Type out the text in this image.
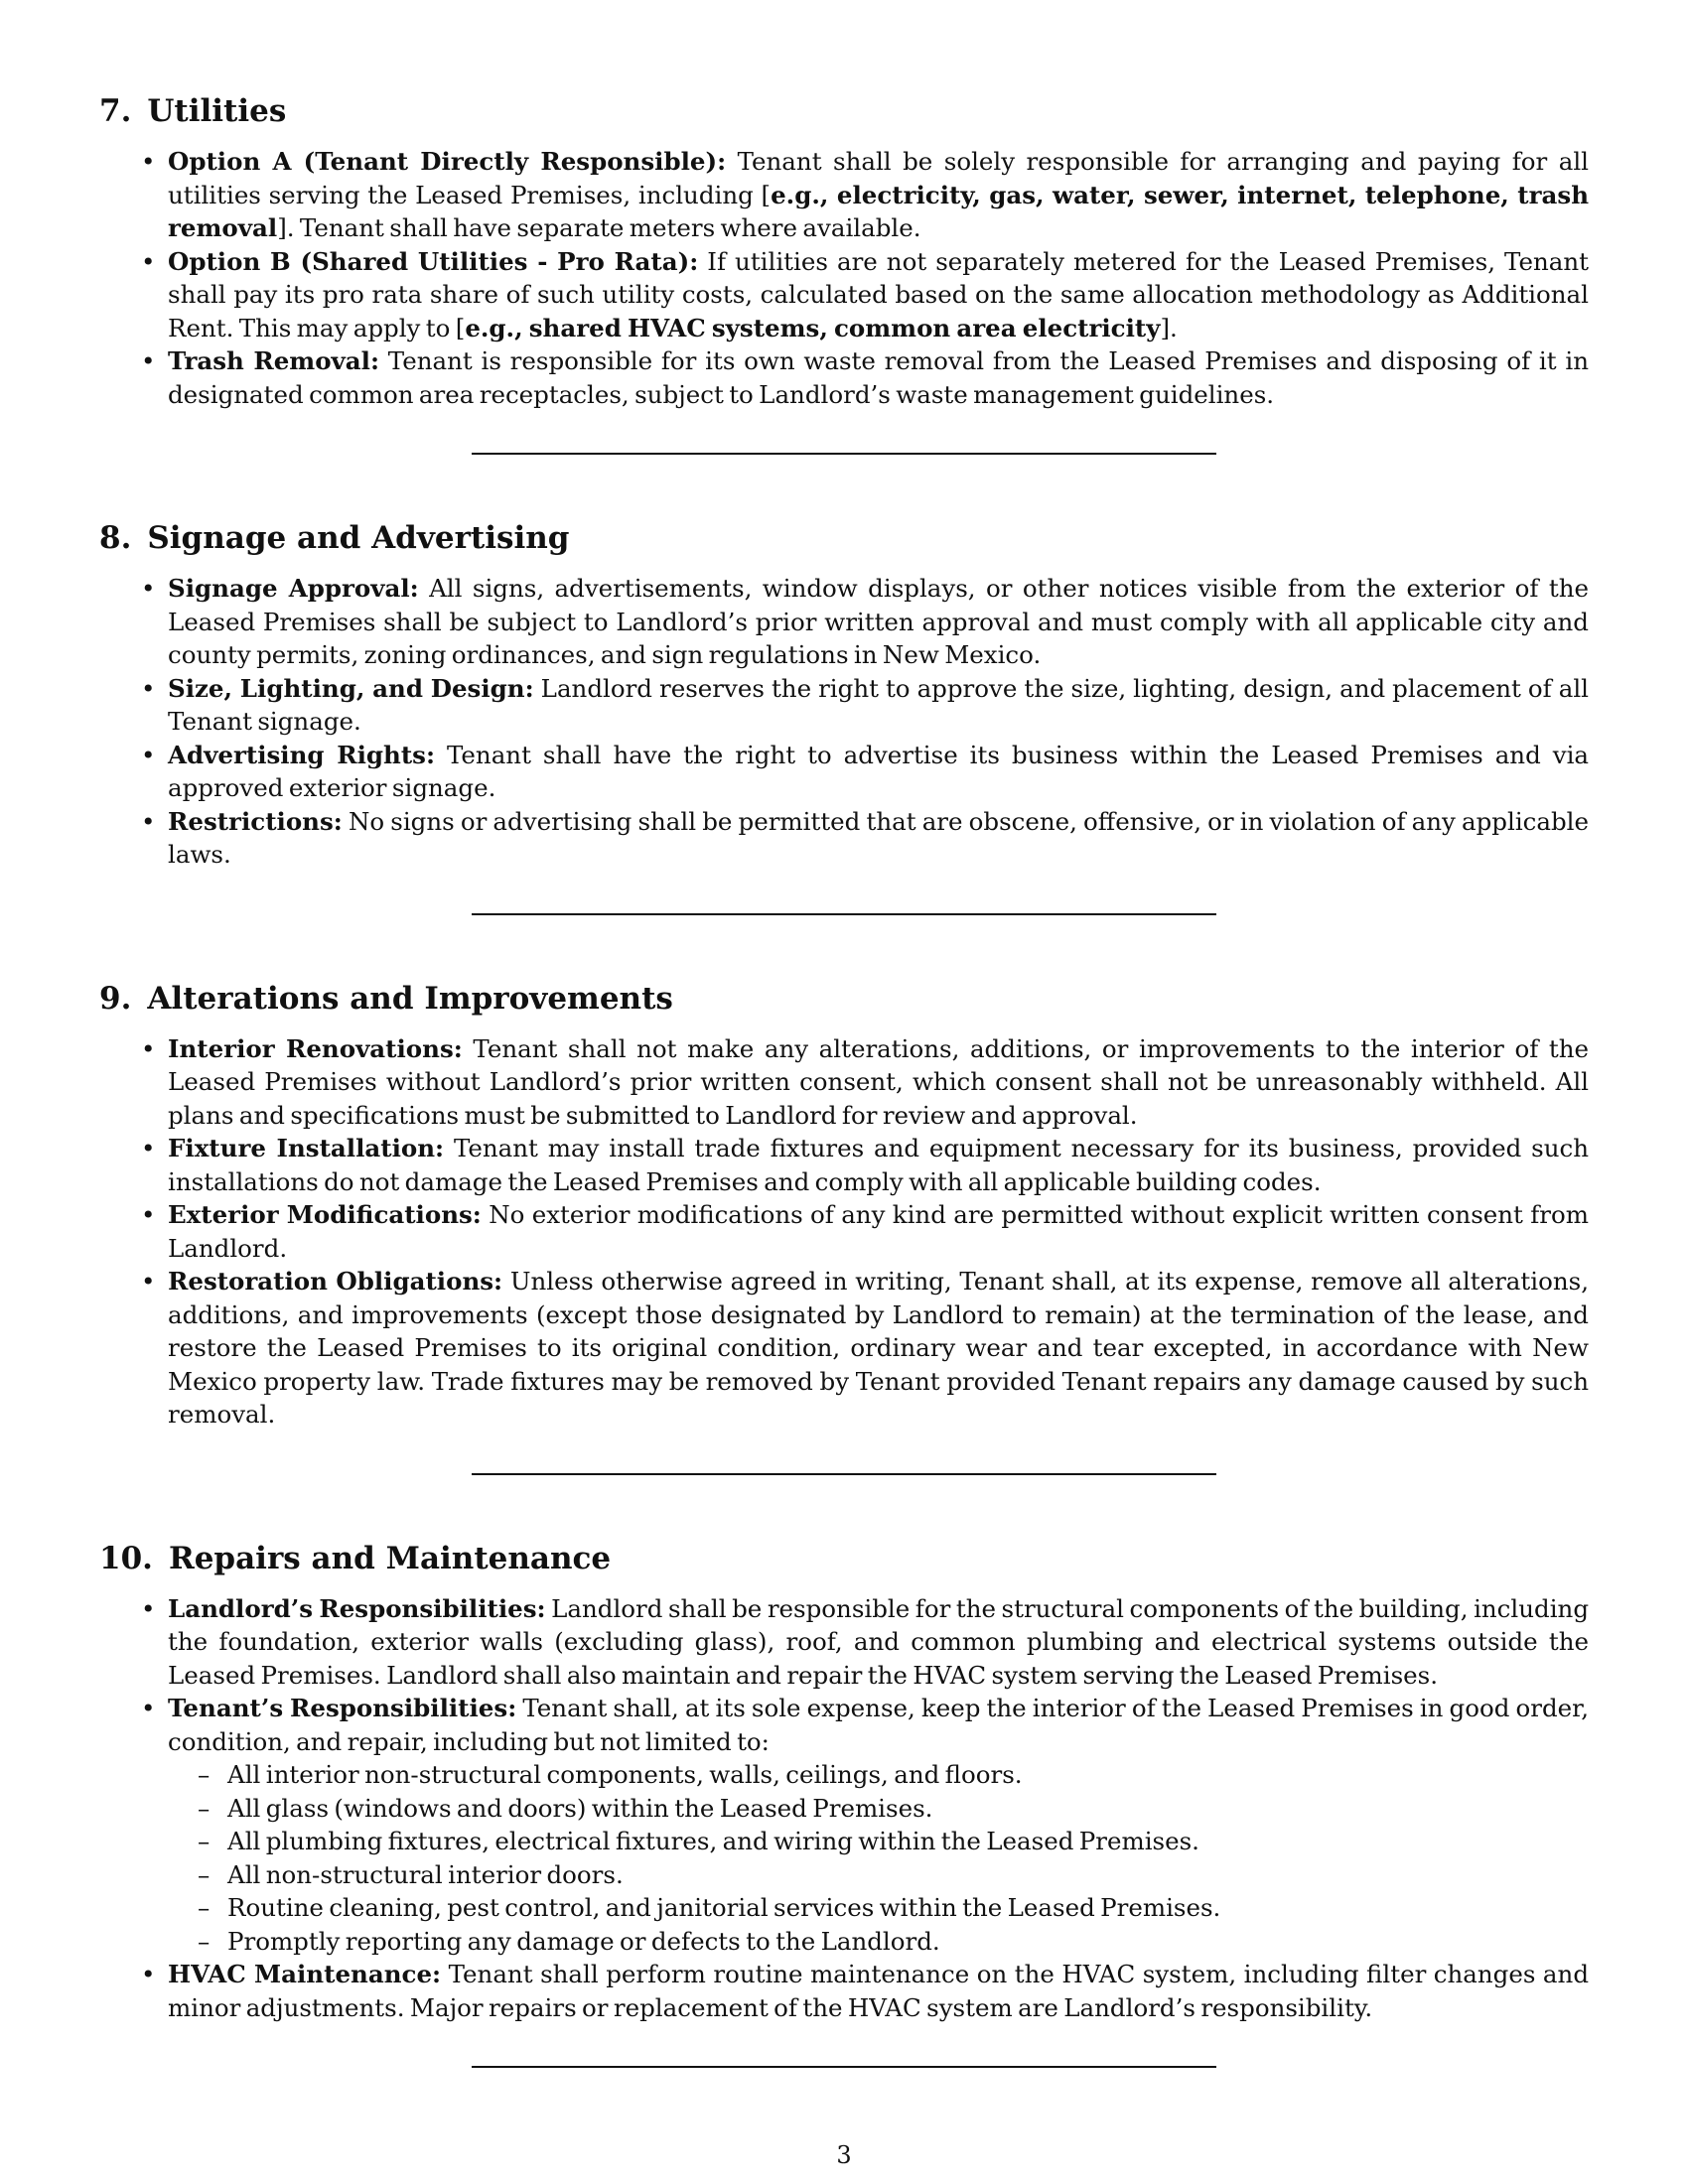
7. Utilities
• Option A (Tenant Directly Responsible): Tenant shall be solely responsible for arranging and paying for all utilities serving the Leased Premises, including [e.g., electricity, gas, water, sewer, internet, telephone, trash removal]. Tenant shall have separate meters where available.
• Option B (Shared Utilities - Pro Rata): If utilities are not separately metered for the Leased Premises, Tenant shall pay its pro rata share of such utility costs, calculated based on the same allocation methodology as Additional Rent. This may apply to [e.g., shared HVAC systems, common area electricity].
• Trash Removal: Tenant is responsible for its own waste removal from the Leased Premises and disposing of it in designated common area receptacles, subject to Landlord’s waste management guidelines.
8. Signage and Advertising
• Signage Approval: All signs, advertisements, window displays, or other notices visible from the exterior of the Leased Premises shall be subject to Landlord’s prior written approval and must comply with all applicable city and county permits, zoning ordinances, and sign regulations in New Mexico.
• Size, Lighting, and Design: Landlord reserves the right to approve the size, lighting, design, and placement of all Tenant signage.
• Advertising Rights: Tenant shall have the right to advertise its business within the Leased Premises and via approved exterior signage.
• Restrictions: No signs or advertising shall be permitted that are obscene, offensive, or in violation of any applicable laws.
9. Alterations and Improvements
• Interior Renovations: Tenant shall not make any alterations, additions, or improvements to the interior of the Leased Premises without Landlord’s prior written consent, which consent shall not be unreasonably withheld. All plans and specifications must be submitted to Landlord for review and approval.
• Fixture Installation: Tenant may install trade fixtures and equipment necessary for its business, provided such installations do not damage the Leased Premises and comply with all applicable building codes.
• Exterior Modifications: No exterior modifications of any kind are permitted without explicit written consent from Landlord.
• Restoration Obligations: Unless otherwise agreed in writing, Tenant shall, at its expense, remove all alterations, additions, and improvements (except those designated by Landlord to remain) at the termination of the lease, and restore the Leased Premises to its original condition, ordinary wear and tear excepted, in accordance with New Mexico property law. Trade fixtures may be removed by Tenant provided Tenant repairs any damage caused by such removal.
10. Repairs and Maintenance
• Landlord’s Responsibilities: Landlord shall be responsible for the structural components of the building, including the foundation, exterior walls (excluding glass), roof, and common plumbing and electrical systems outside the Leased Premises. Landlord shall also maintain and repair the HVAC system serving the Leased Premises.
• Tenant’s Responsibilities: Tenant shall, at its sole expense, keep the interior of the Leased Premises in good order, condition, and repair, including but not limited to:
– All interior non-structural components, walls, ceilings, and floors.
– All glass (windows and doors) within the Leased Premises.
– All plumbing fixtures, electrical fixtures, and wiring within the Leased Premises.
– All non-structural interior doors.
– Routine cleaning, pest control, and janitorial services within the Leased Premises.
– Promptly reporting any damage or defects to the Landlord.
• HVAC Maintenance: Tenant shall perform routine maintenance on the HVAC system, including filter changes and minor adjustments. Major repairs or replacement of the HVAC system are Landlord’s responsibility.
3
